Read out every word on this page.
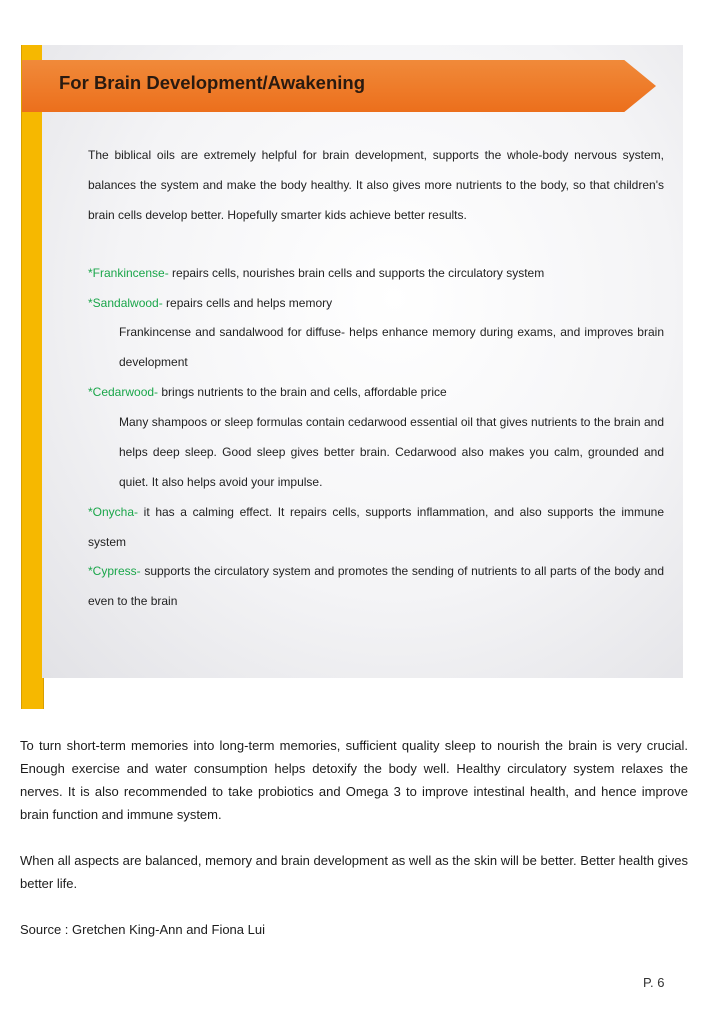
For Brain Development/Awakening

The biblical oils are extremely helpful for brain development, supports the whole-body nervous system, balances the system and make the body healthy. It also gives more nutrients to the body, so that children's brain cells develop better. Hopefully smarter kids achieve better results.

*Frankincense- repairs cells, nourishes brain cells and supports the circulatory system

*Sandalwood- repairs cells and helps memory

Frankincense and sandalwood for diffuse- helps enhance memory during exams, and improves brain development

*Cedarwood- brings nutrients to the brain and cells, affordable price

Many shampoos or sleep formulas contain cedarwood essential oil that gives nutrients to the brain and helps deep sleep. Good sleep gives better brain. Cedarwood also makes you calm, grounded and quiet. It also helps avoid your impulse.

*Onycha- it has a calming effect. It repairs cells, supports inflammation, and also supports the immune system

*Cypress- supports the circulatory system and promotes the sending of nutrients to all parts of the body and even to the brain

To turn short-term memories into long-term memories, sufficient quality sleep to nourish the brain is very crucial. Enough exercise and water consumption helps detoxify the body well. Healthy circulatory system relaxes the nerves. It is also recommended to take probiotics and Omega 3 to improve intestinal health, and hence improve brain function and immune system.

When all aspects are balanced, memory and brain development as well as the skin will be better. Better health gives better life.

Source : Gretchen King-Ann and Fiona Lui

P. 6
